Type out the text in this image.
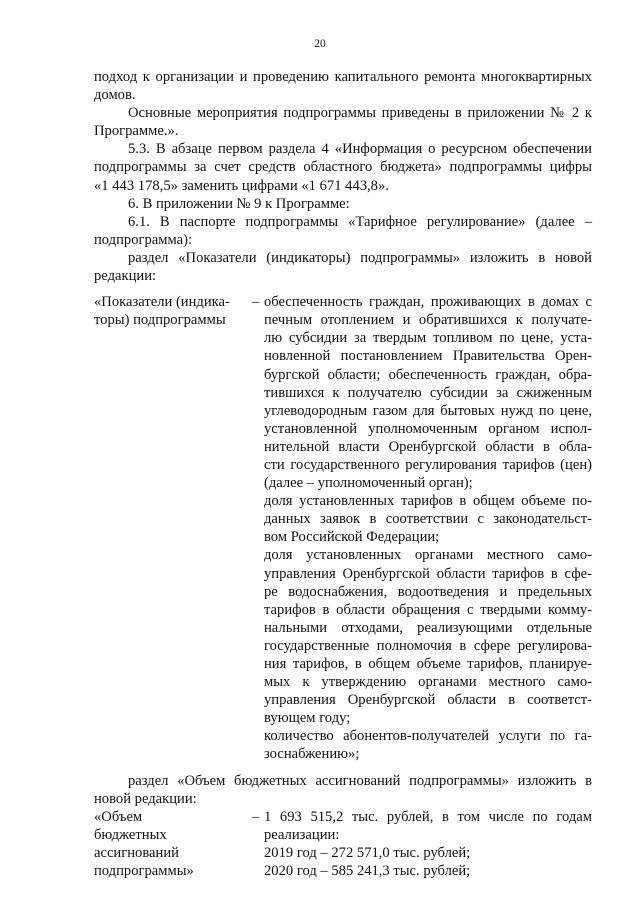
20
подход к организации и проведению капитального ремонта многоквартирных
домов.
Основные мероприятия подпрограммы приведены в приложении № 2 к
Программе.».
5.3. В абзаце первом раздела 4 «Информация о ресурсном обеспечении
подпрограммы за счет средств областного бюджета» подпрограммы цифры
«1 443 178,5» заменить цифрами «1 671 443,8».
6. В приложении № 9 к Программе:
6.1. В паспорте подпрограммы «Тарифное регулирование» (далее –
подпрограмма):
раздел «Показатели (индикаторы) подпрограммы» изложить в новой
редакции:
«Показатели (индика-
торы) подпрограммы
– обеспеченность граждан, проживающих в домах с
печным отоплением и обратившихся к получате-
лю субсидии за твердым топливом по цене, уста-
новленной постановлением Правительства Орен-
бургской области; обеспеченность граждан, обра-
тившихся к получателю субсидии за сжиженным
углеводородным газом для бытовых нужд по цене,
установленной уполномоченным органом испол-
нительной власти Оренбургской области в обла-
сти государственного регулирования тарифов (цен)
(далее – уполномоченный орган);
доля установленных тарифов в общем объеме по-
данных заявок в соответствии с законодательст-
вом Российской Федерации;
доля установленных органами местного само-
управления Оренбургской области тарифов в сфе-
ре водоснабжения, водоотведения и предельных
тарифов в области обращения с твердыми комму-
нальными отходами, реализующими отдельные
государственные полномочия в сфере регулирова-
ния тарифов, в общем объеме тарифов, планируе-
мых к утверждению органами местного само-
управления Оренбургской области в соответст-
вующем году;
количество абонентов-получателей услуги по га-
зоснабжению»;
раздел «Объем бюджетных ассигнований подпрограммы» изложить в
новой редакции:
«Объем
бюджетных
ассигнований
подпрограммы»
– 1 693 515,2 тыс. рублей, в том числе по годам
реализации:
2019 год – 272 571,0 тыс. рублей;
2020 год – 585 241,3 тыс. рублей;
